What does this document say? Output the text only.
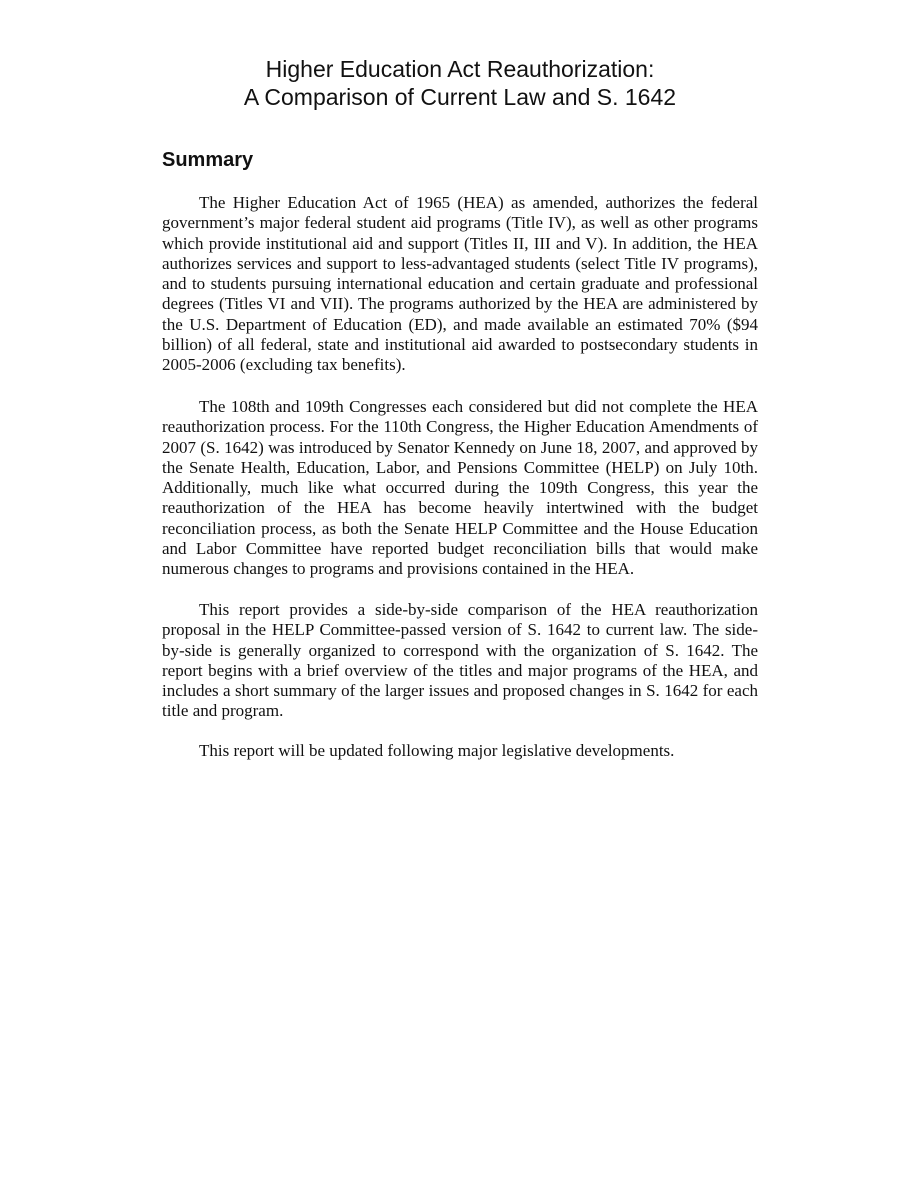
Higher Education Act Reauthorization:
A Comparison of Current Law and S. 1642
Summary

The Higher Education Act of 1965 (HEA) as amended, authorizes the federal government’s major federal student aid programs (Title IV), as well as other programs which provide institutional aid and support (Titles II, III and V). In addition, the HEA authorizes services and support to less-advantaged students (select Title IV programs), and to students pursuing international education and certain graduate and professional degrees (Titles VI and VII). The programs authorized by the HEA are administered by the U.S. Department of Education (ED), and made available an estimated 70% ($94 billion) of all federal, state and institutional aid awarded to postsecondary students in 2005-2006 (excluding tax benefits).

The 108th and 109th Congresses each considered but did not complete the HEA reauthorization process. For the 110th Congress, the Higher Education Amendments of 2007 (S. 1642) was introduced by Senator Kennedy on June 18, 2007, and approved by the Senate Health, Education, Labor, and Pensions Committee (HELP) on July 10th. Additionally, much like what occurred during the 109th Congress, this year the reauthorization of the HEA has become heavily intertwined with the budget reconciliation process, as both the Senate HELP Committee and the House Education and Labor Committee have reported budget reconciliation bills that would make numerous changes to programs and provisions contained in the HEA.

This report provides a side-by-side comparison of the HEA reauthorization proposal in the HELP Committee-passed version of S. 1642 to current law. The side-by-side is generally organized to correspond with the organization of S. 1642. The report begins with a brief overview of the titles and major programs of the HEA, and includes a short summary of the larger issues and proposed changes in S. 1642 for each title and program.

This report will be updated following major legislative developments.
